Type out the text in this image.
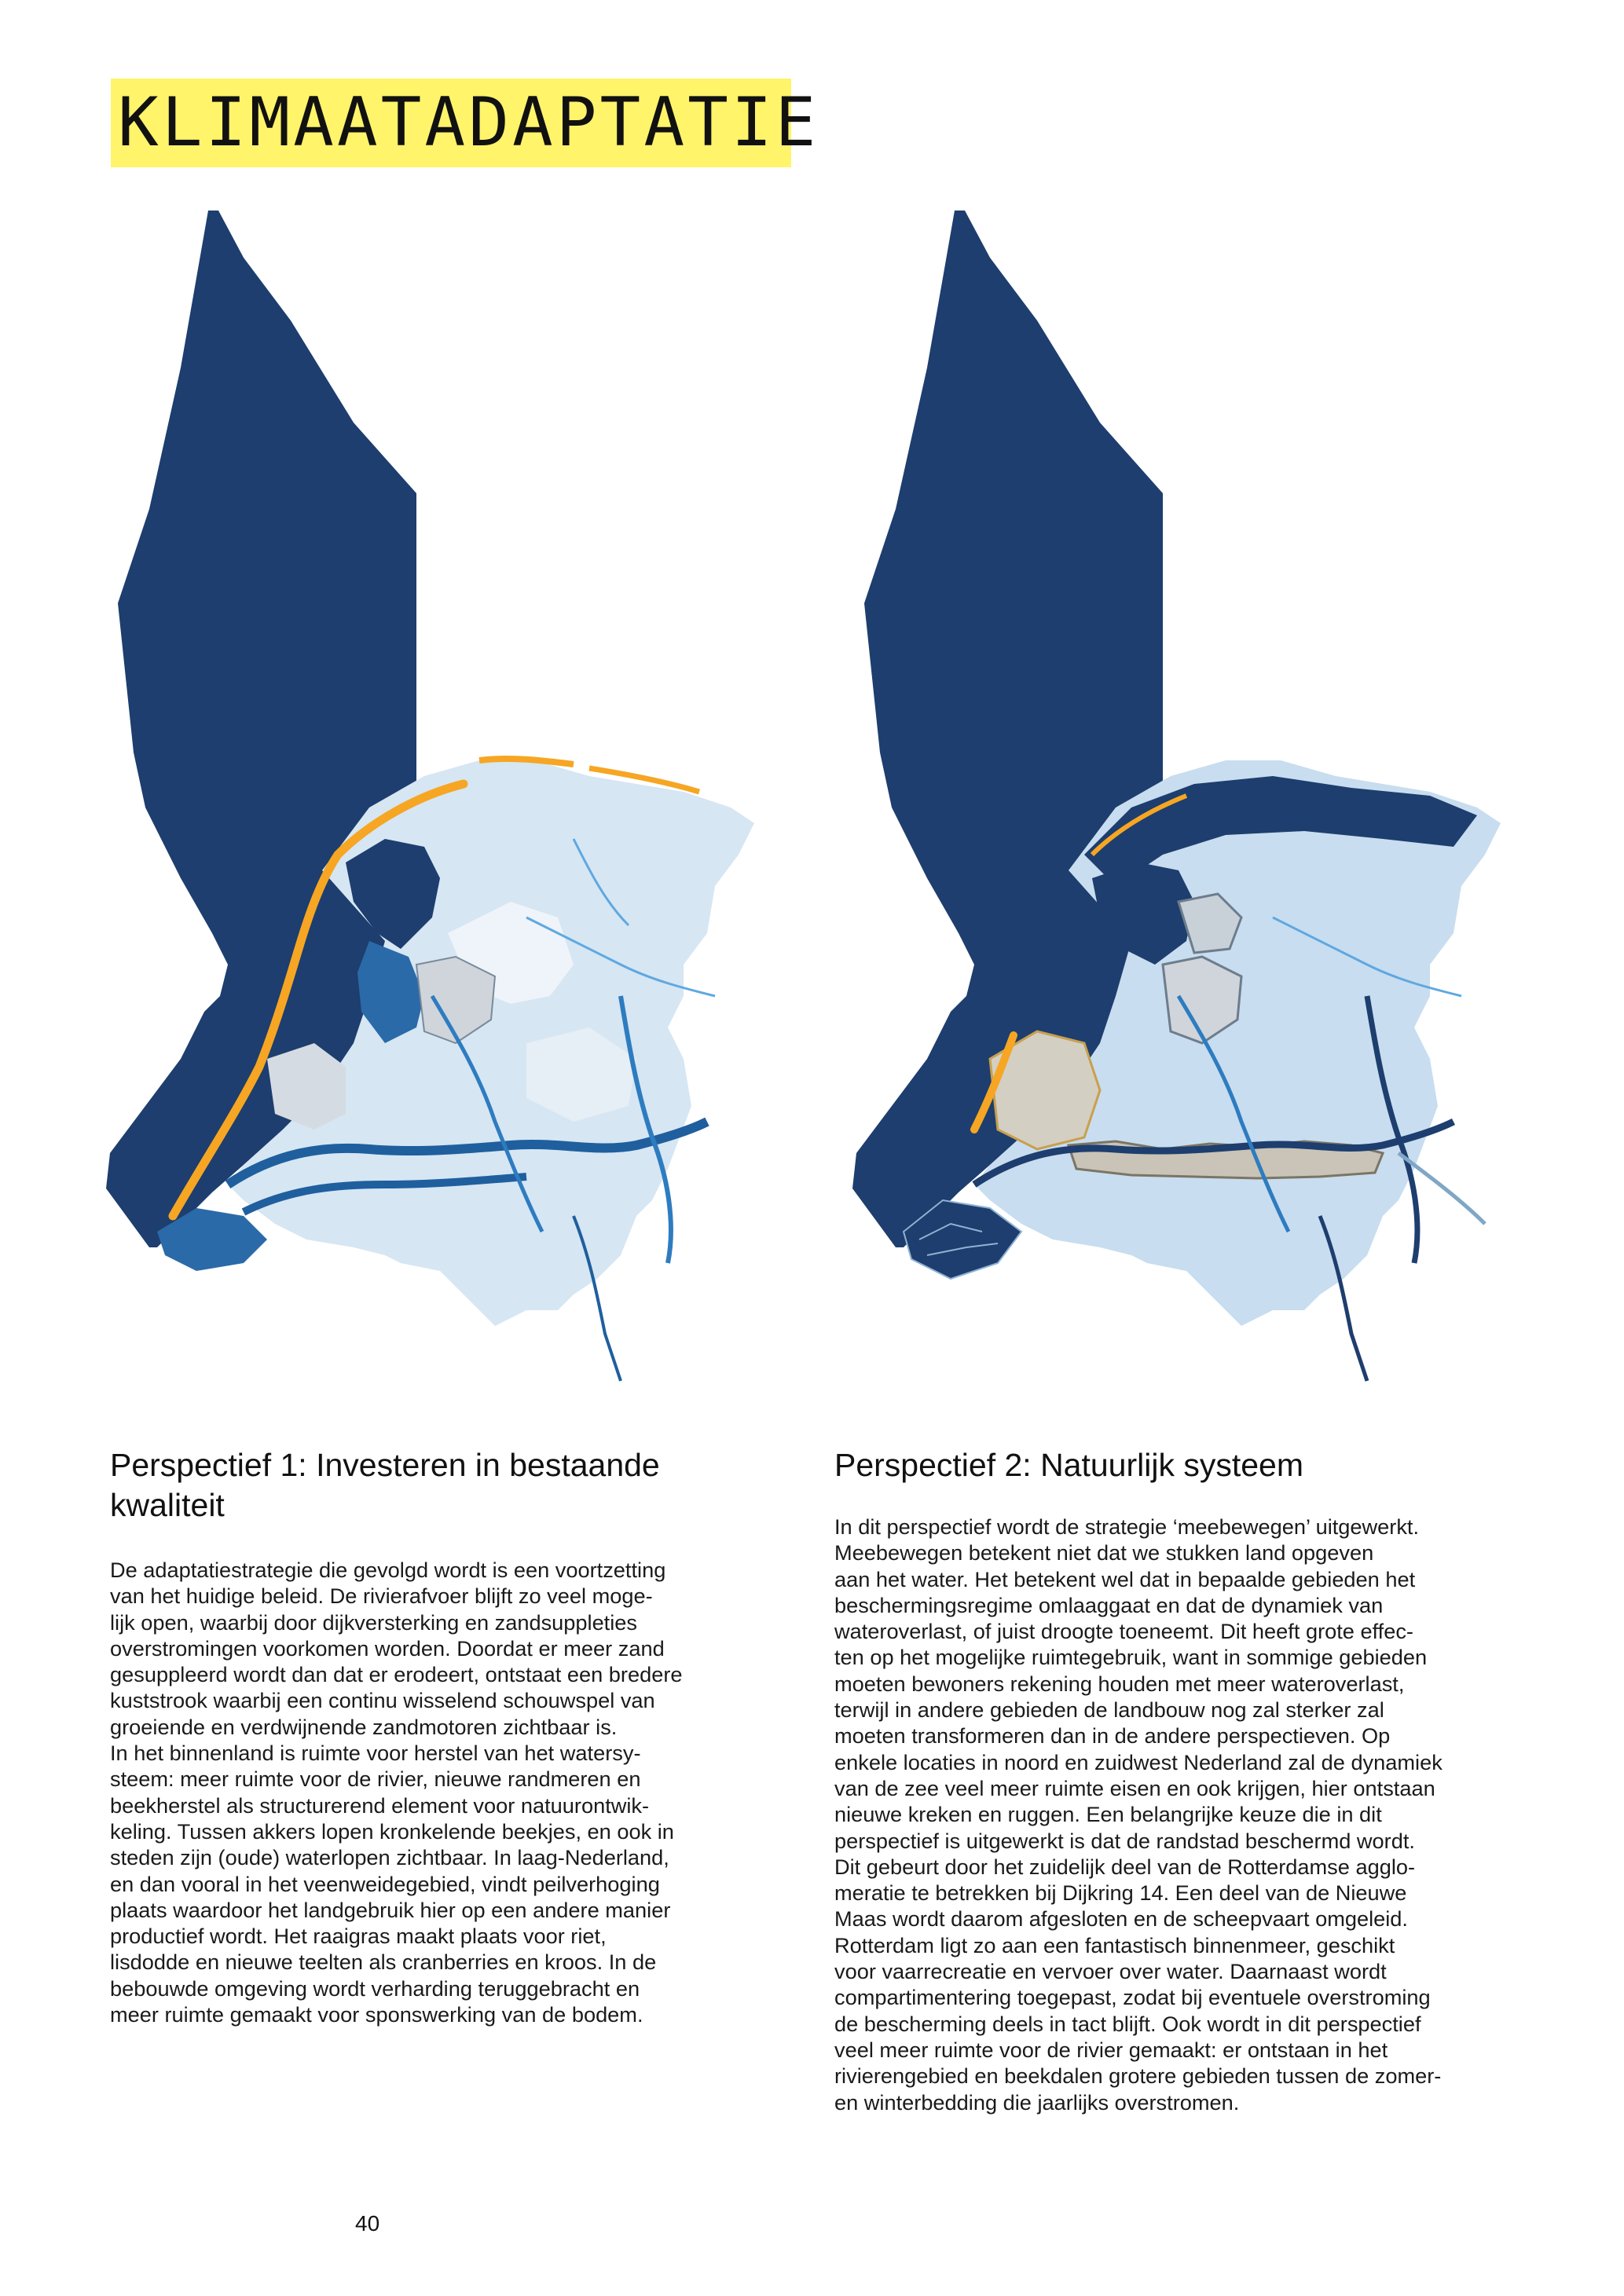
KLIMAATADAPTATIE
Perspectief 1: Investeren in bestaande
kwaliteit

De adaptatiestrategie die gevolgd wordt is een voortzetting
van het huidige beleid. De rivierafvoer blijft zo veel moge-
lijk open, waarbij door dijkversterking en zandsuppleties
overstromingen voorkomen worden. Doordat er meer zand
gesuppleerd wordt dan dat er erodeert, ontstaat een bredere
kuststrook waarbij een continu wisselend schouwspel van
groeiende en verdwijnende zandmotoren zichtbaar is.
In het binnenland is ruimte voor herstel van het watersy-
steem: meer ruimte voor de rivier, nieuwe randmeren en
beekherstel als structurerend element voor natuurontwik-
keling. Tussen akkers lopen kronkelende beekjes, en ook in
steden zijn (oude) waterlopen zichtbaar. In laag-Nederland,
en dan vooral in het veenweidegebied, vindt peilverhoging
plaats waardoor het landgebruik hier op een andere manier
productief wordt. Het raaigras maakt plaats voor riet,
lisdodde en nieuwe teelten als cranberries en kroos. In de
bebouwde omgeving wordt verharding teruggebracht en
meer ruimte gemaakt voor sponswerking van de bodem.

Perspectief 2: Natuurlijk systeem

In dit perspectief wordt de strategie ‘meebewegen’ uitgewerkt.
Meebewegen betekent niet dat we stukken land opgeven
aan het water. Het betekent wel dat in bepaalde gebieden het
beschermingsregime omlaaggaat en dat de dynamiek van
wateroverlast, of juist droogte toeneemt. Dit heeft grote effec-
ten op het mogelijke ruimtegebruik, want in sommige gebieden
moeten bewoners rekening houden met meer wateroverlast,
terwijl in andere gebieden de landbouw nog zal sterker zal
moeten transformeren dan in de andere perspectieven. Op
enkele locaties in noord en zuidwest Nederland zal de dynamiek
van de zee veel meer ruimte eisen en ook krijgen, hier ontstaan
nieuwe kreken en ruggen. Een belangrijke keuze die in dit
perspectief is uitgewerkt is dat de randstad beschermd wordt.
Dit gebeurt door het zuidelijk deel van de Rotterdamse agglo-
meratie te betrekken bij Dijkring 14. Een deel van de Nieuwe
Maas wordt daarom afgesloten en de scheepvaart omgeleid.
Rotterdam ligt zo aan een fantastisch binnenmeer, geschikt
voor vaarrecreatie en vervoer over water. Daarnaast wordt
compartimentering toegepast, zodat bij eventuele overstroming
de bescherming deels in tact blijft. Ook wordt in dit perspectief
veel meer ruimte voor de rivier gemaakt: er ontstaan in het
rivierengebied en beekdalen grotere gebieden tussen de zomer-
en winterbedding die jaarlijks overstromen.

40
